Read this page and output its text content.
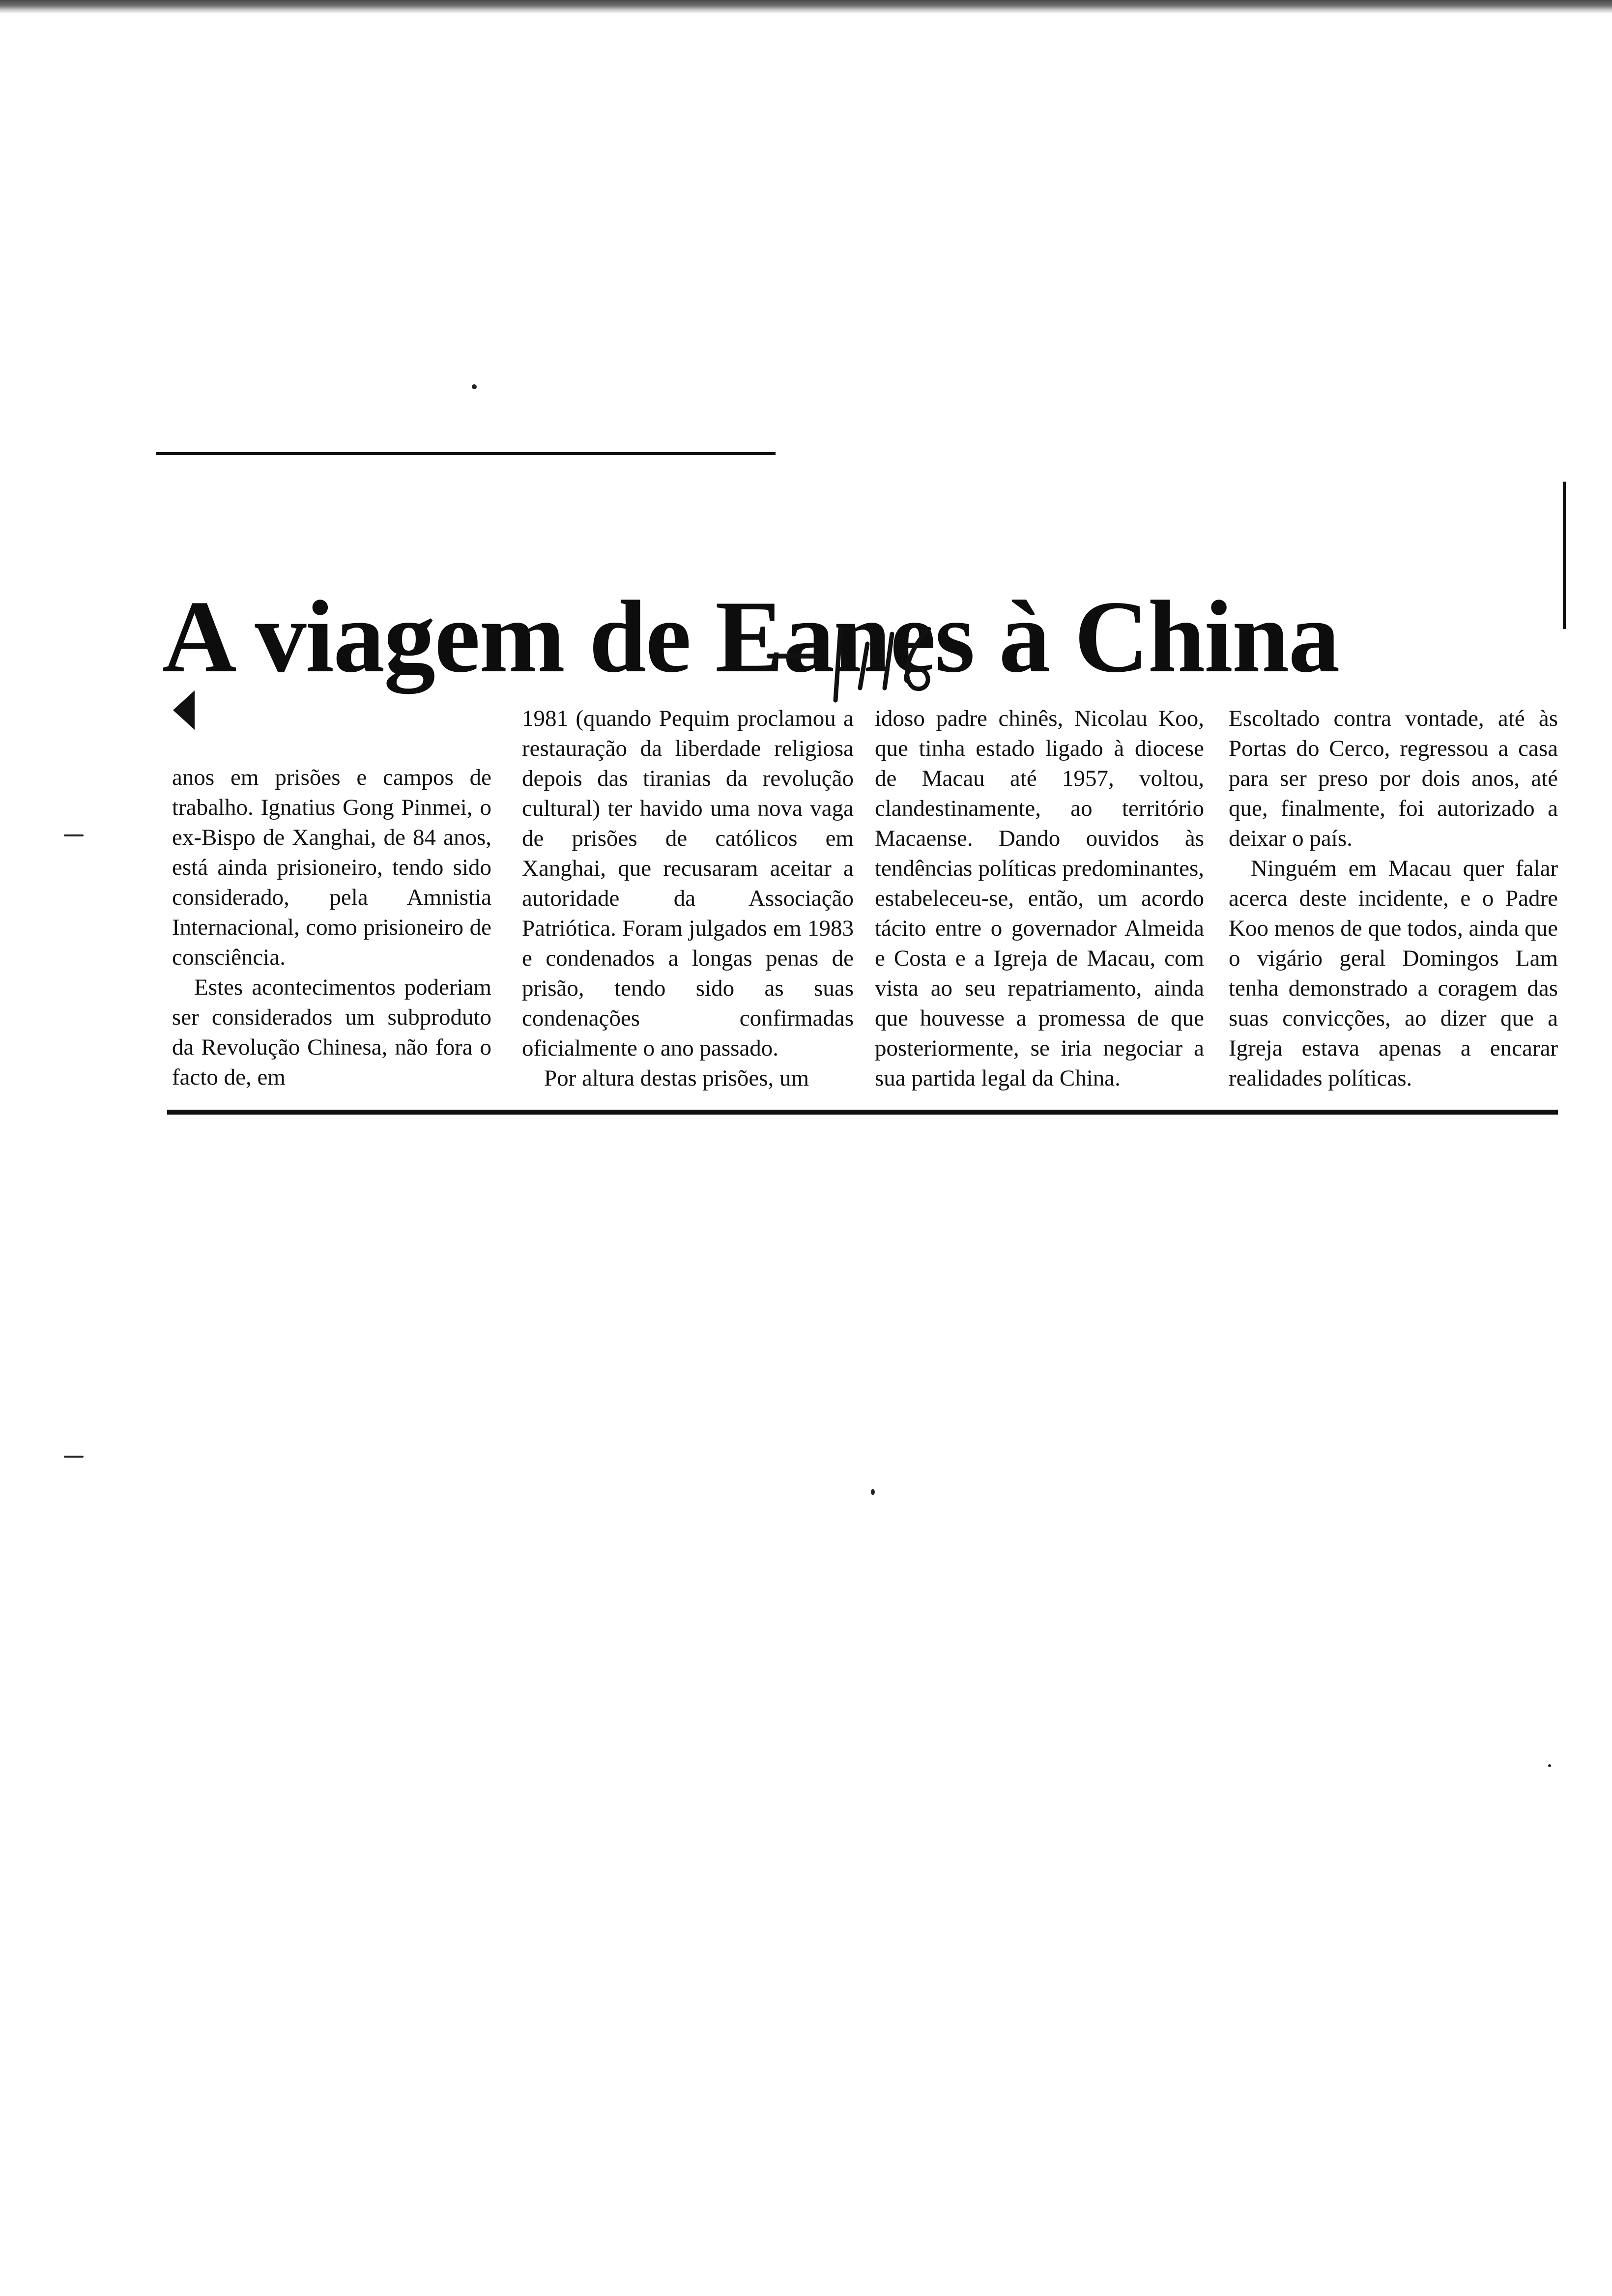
A viagem de Eanes à China

anos em prisões e campos de trabalho. Ignatius Gong Pinmei, o ex-Bispo de Xanghai, de 84 anos, está ainda prisioneiro, tendo sido considerado, pela Amnistia Internacional, como prisioneiro de consciência.

Estes acontecimentos poderiam ser considerados um subproduto da Revolução Chinesa, não fora o facto de, em

1981 (quando Pequim proclamou a restauração da liberdade religiosa depois das tiranias da revolução cultural) ter havido uma nova vaga de prisões de católicos em Xanghai, que recusaram aceitar a autoridade da Associação Patriótica. Foram julgados em 1983 e condenados a longas penas de prisão, tendo sido as suas condenações confirmadas oficialmente o ano passado.

Por altura destas prisões, um

idoso padre chinês, Nicolau Koo, que tinha estado ligado à diocese de Macau até 1957, voltou, clandestinamente, ao território Macaense. Dando ouvidos às tendências políticas predominantes, estabeleceu-se, então, um acordo tácito entre o governador Almeida e Costa e a Igreja de Macau, com vista ao seu repatriamento, ainda que houvesse a promessa de que posteriormente, se iria negociar a sua partida legal da China.

Escoltado contra vontade, até às Portas do Cerco, regressou a casa para ser preso por dois anos, até que, finalmente, foi autorizado a deixar o país.

Ninguém em Macau quer falar acerca deste incidente, e o Padre Koo menos de que todos, ainda que o vigário geral Domingos Lam tenha demonstrado a coragem das suas convicções, ao dizer que a Igreja estava apenas a encarar realidades políticas.
